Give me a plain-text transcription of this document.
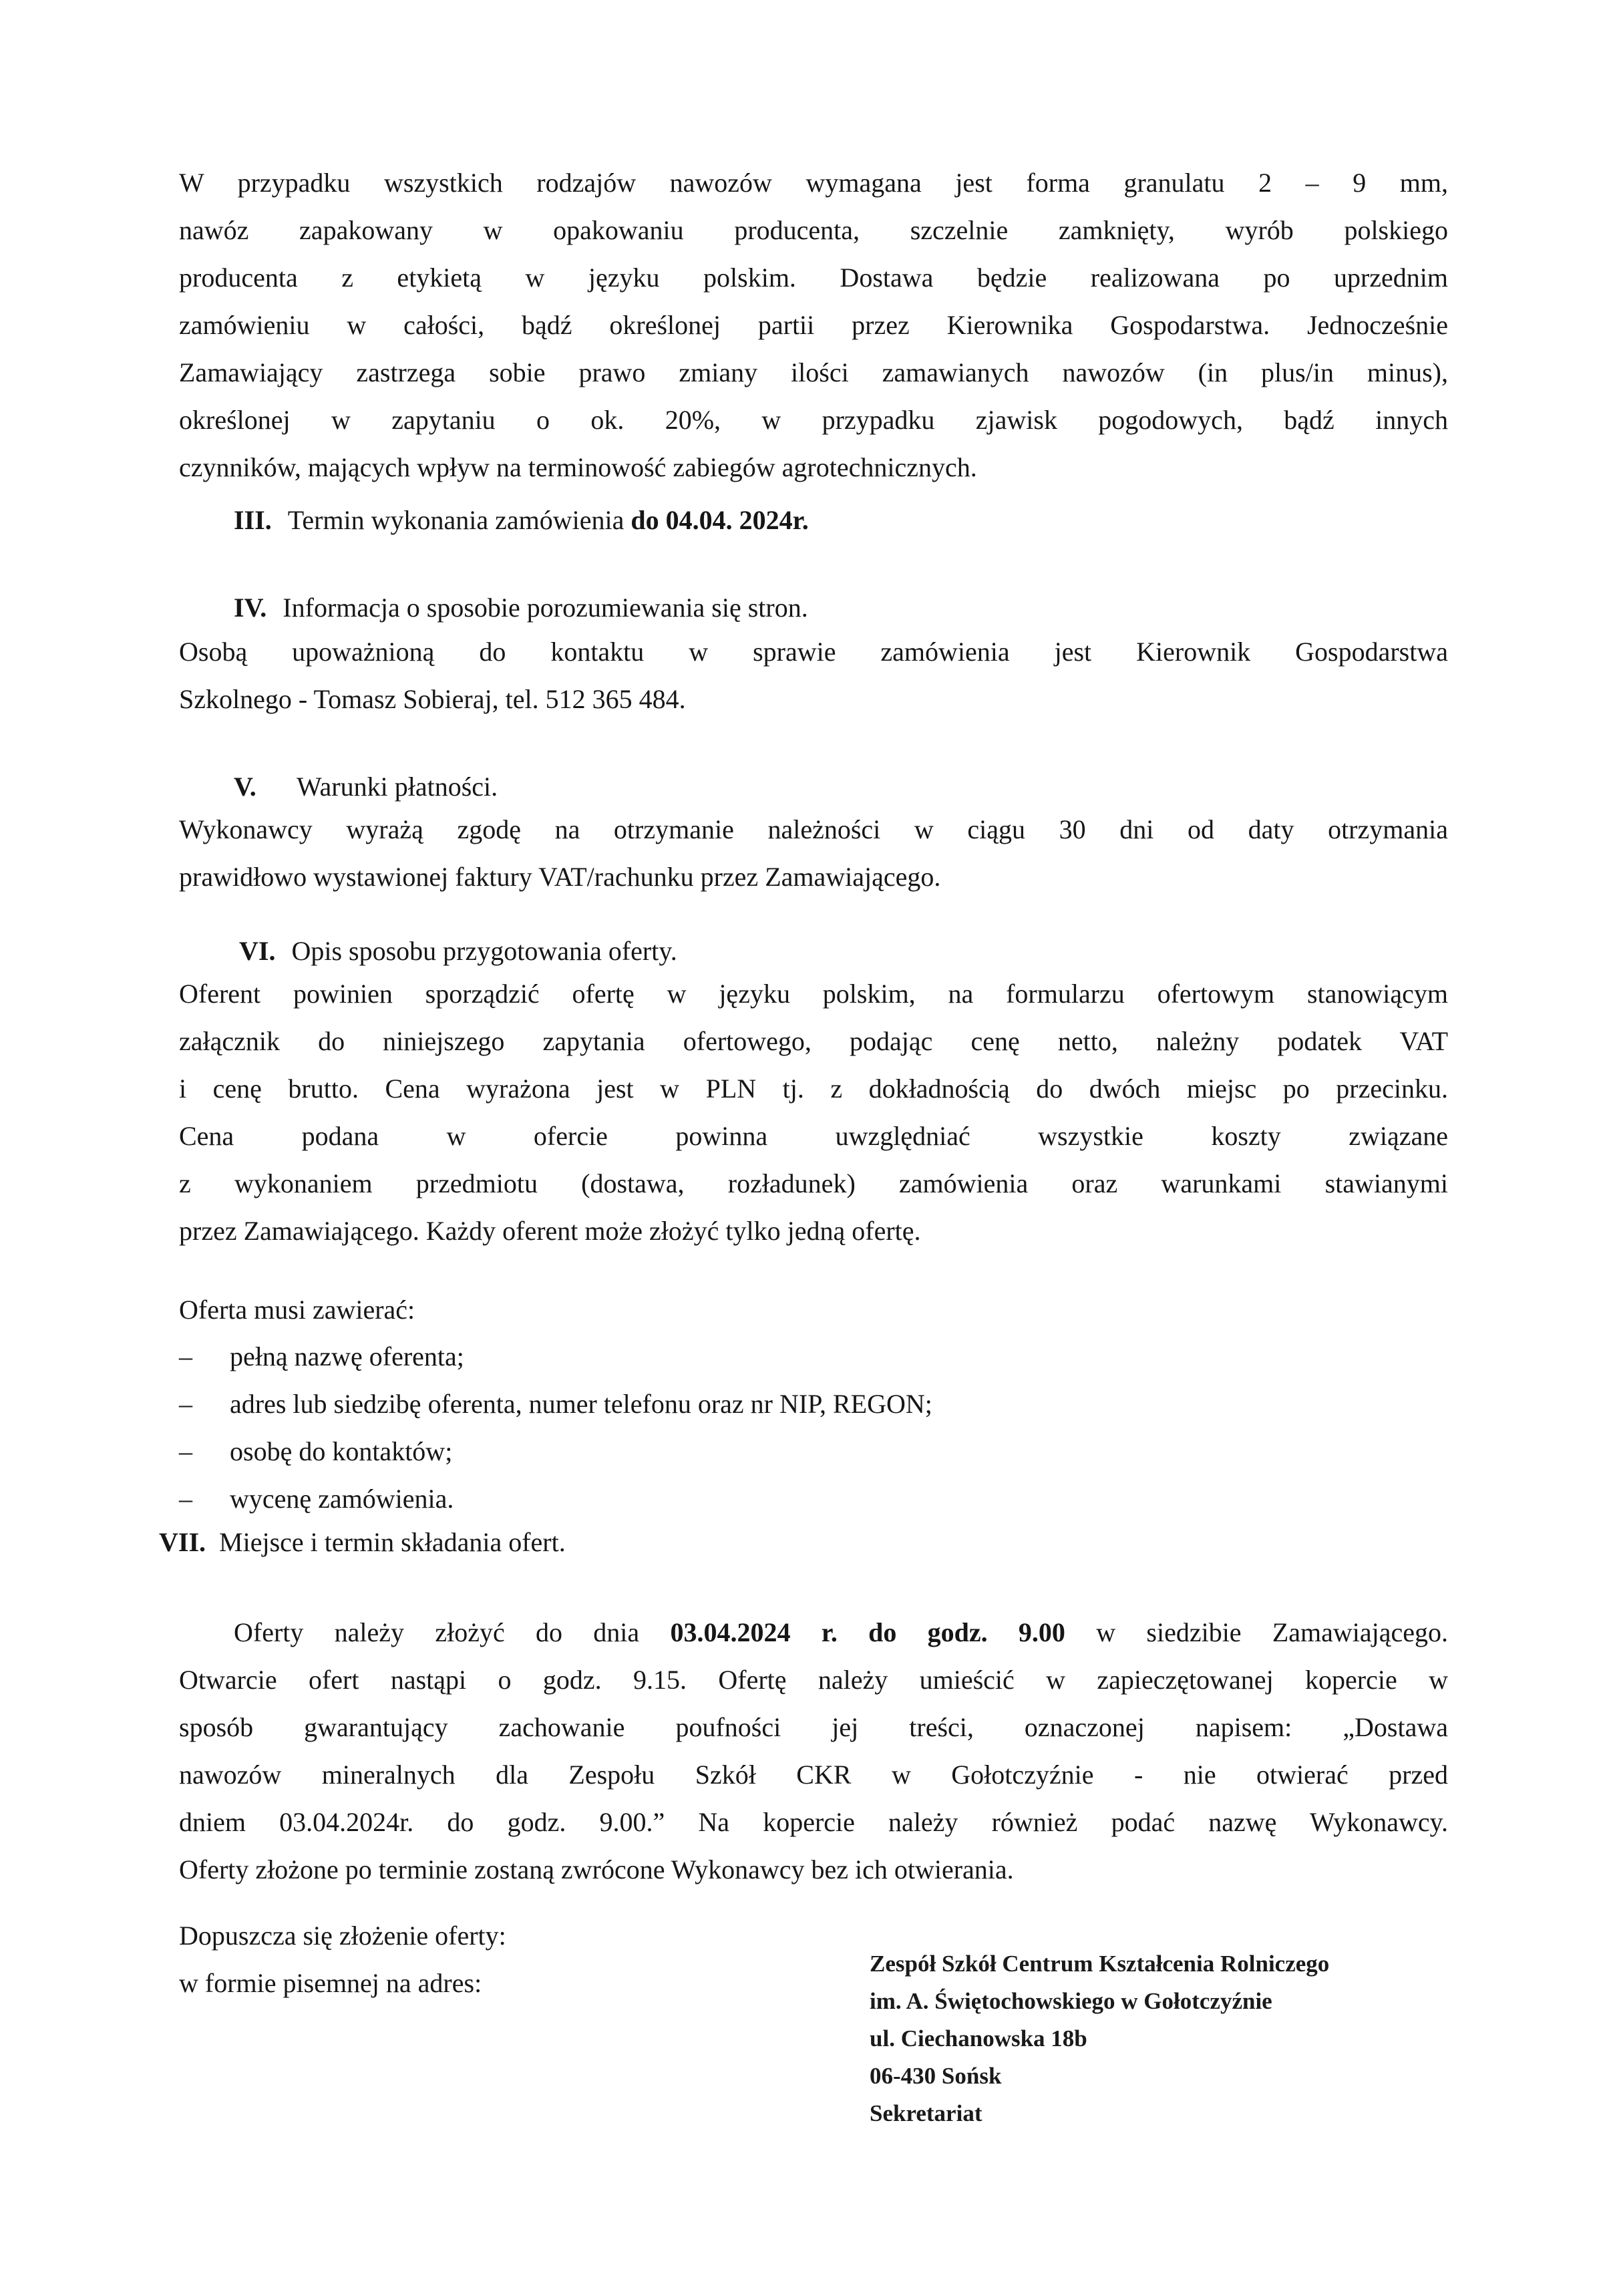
W przypadku wszystkich rodzajów nawozów wymagana jest forma granulatu 2 – 9 mm,
nawóz zapakowany w opakowaniu producenta, szczelnie zamknięty, wyrób polskiego
producenta z etykietą w języku polskim. Dostawa będzie realizowana po uprzednim
zamówieniu w całości, bądź określonej partii przez Kierownika Gospodarstwa. Jednocześnie
Zamawiający zastrzega sobie prawo zmiany ilości zamawianych nawozów (in plus/in minus),
określonej w zapytaniu o ok. 20%, w przypadku zjawisk pogodowych, bądź innych
czynników, mających wpływ na terminowość zabiegów agrotechnicznych.
III. Termin wykonania zamówienia do 04.04. 2024r.
IV. Informacja o sposobie porozumiewania się stron.
Osobą upoważnioną do kontaktu w sprawie zamówienia jest Kierownik Gospodarstwa
Szkolnego - Tomasz Sobieraj, tel. 512 365 484.
V. Warunki płatności.
Wykonawcy wyrażą zgodę na otrzymanie należności w ciągu 30 dni od daty otrzymania
prawidłowo wystawionej faktury VAT/rachunku przez Zamawiającego.
VI. Opis sposobu przygotowania oferty.
Oferent powinien sporządzić ofertę w języku polskim, na formularzu ofertowym stanowiącym
załącznik do niniejszego zapytania ofertowego, podając cenę netto, należny podatek VAT
i cenę brutto. Cena wyrażona jest w PLN tj. z dokładnością do dwóch miejsc po przecinku.
Cena podana w ofercie powinna uwzględniać wszystkie koszty związane
z wykonaniem przedmiotu (dostawa, rozładunek) zamówienia oraz warunkami stawianymi
przez Zamawiającego. Każdy oferent może złożyć tylko jedną ofertę.
Oferta musi zawierać:
– pełną nazwę oferenta;
– adres lub siedzibę oferenta, numer telefonu oraz nr NIP, REGON;
– osobę do kontaktów;
– wycenę zamówienia.
VII. Miejsce i termin składania ofert.
Oferty należy złożyć do dnia 03.04.2024 r. do godz. 9.00 w siedzibie Zamawiającego.
Otwarcie ofert nastąpi o godz. 9.15. Ofertę należy umieścić w zapieczętowanej kopercie w
sposób gwarantujący zachowanie poufności jej treści, oznaczonej napisem: „Dostawa
nawozów mineralnych dla Zespołu Szkół CKR w Gołotczyźnie - nie otwierać przed
dniem 03.04.2024r. do godz. 9.00.” Na kopercie należy również podać nazwę Wykonawcy.
Oferty złożone po terminie zostaną zwrócone Wykonawcy bez ich otwierania.
Dopuszcza się złożenie oferty:
w formie pisemnej na adres:
Zespół Szkół Centrum Kształcenia Rolniczego
im. A. Świętochowskiego w Gołotczyźnie
ul. Ciechanowska 18b
06-430 Sońsk
Sekretariat
